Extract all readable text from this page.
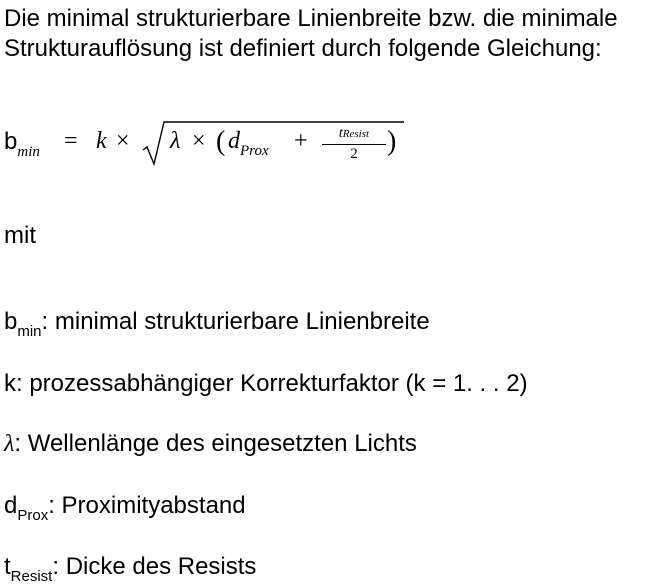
Die minimal strukturierbare Linienbreite bzw. die minimale Strukturauflösung ist definiert durch folgende Gleichung:
$b_{min} = k \times \lambda$ × ( $d_{Prox}$ +	tResist
2	)
mit
$b_{min}$: minimal strukturierbare Linienbreite
k: prozessabhängiger Korrekturfaktor (k = 1. . . 2)
λ: Wellenlänge des eingesetzten Lichts
$d_{Prox}$: Proximityabstand
$t_{Resist}$: Dicke des Resists
